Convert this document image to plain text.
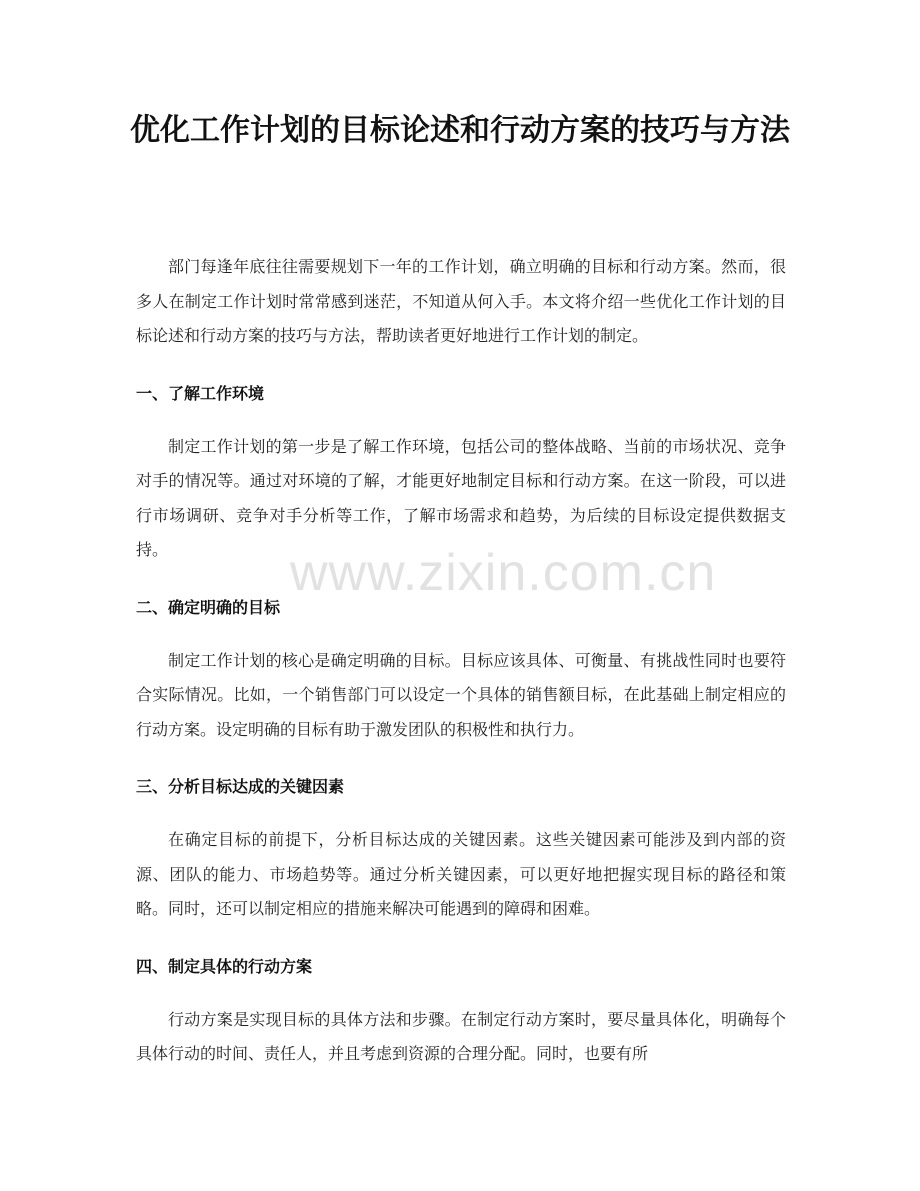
优化工作计划的目标论述和行动方案的技巧与方法

部门每逢年底往往需要规划下一年的工作计划，确立明确的目标和行动方案。然而，很多人在制定工作计划时常常感到迷茫，不知道从何入手。本文将介绍一些优化工作计划的目标论述和行动方案的技巧与方法，帮助读者更好地进行工作计划的制定。

一、了解工作环境

制定工作计划的第一步是了解工作环境，包括公司的整体战略、当前的市场状况、竞争对手的情况等。通过对环境的了解，才能更好地制定目标和行动方案。在这一阶段，可以进行市场调研、竞争对手分析等工作，了解市场需求和趋势，为后续的目标设定提供数据支持。

二、确定明确的目标

制定工作计划的核心是确定明确的目标。目标应该具体、可衡量、有挑战性同时也要符合实际情况。比如，一个销售部门可以设定一个具体的销售额目标，在此基础上制定相应的行动方案。设定明确的目标有助于激发团队的积极性和执行力。

三、分析目标达成的关键因素

在确定目标的前提下，分析目标达成的关键因素。这些关键因素可能涉及到内部的资源、团队的能力、市场趋势等。通过分析关键因素，可以更好地把握实现目标的路径和策略。同时，还可以制定相应的措施来解决可能遇到的障碍和困难。

四、制定具体的行动方案

行动方案是实现目标的具体方法和步骤。在制定行动方案时，要尽量具体化，明确每个具体行动的时间、责任人，并且考虑到资源的合理分配。同时，也要有所

www.zixin.com.cn
